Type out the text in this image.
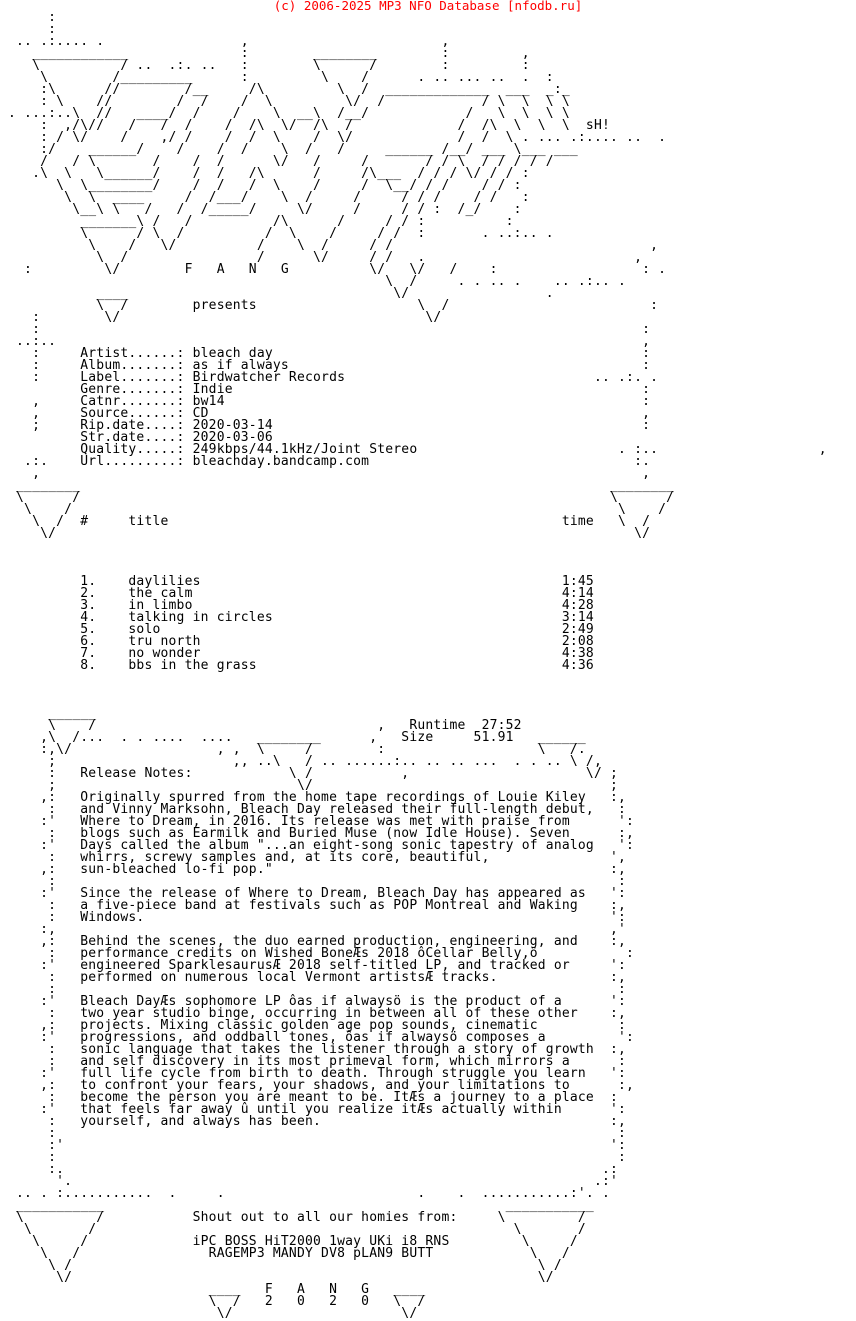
(c) 2006-2025 MP3 NFO Database [nfodb.ru]
:
:
.. .:.... .                 ,                        ,
____________              :        ________        :         ,
\          / ..  .:. ..   :        \      /        :         :
\        /_________      :         \    /      . .. ... ..  .  :
:\      //        /__     /\         \  /  _____________  ___  _:_
: \    //        /  /    /  \         \/  /            / \  \  \ \
. ...:..\  //   ____/  /    /    \  __\  /__/            /   \  \  \ \
:  ,/\//   /   /  /    /  /\  \/  /\  /             /  /\  \  \  \  sH!
: / \/    /    ,/ /    /  /  \    /  \/             /  /  \ . ... .:.... ..  .
:/    ______/    /    /  /    \  /   /     ______ /__/ ___ \___ ___
/   / \       /    /  /      \/   /     /       / / \  / / / / /
.\  \   \______/    /  /   /\      /     /\___  / / / \/ / / :
\  \________/    /  /   /  \    /     /  \__/ / /    / / :
\  \  ____     /  /___/    \  /     /     / / /    / /   :
\__\ \   /   /  /_____/     \/     /     / / :  /_/    :
_______\ /   /          /\      /     / / :          :
\      / \  /          /  \    /     / /  :       . ..:.. .
\    /   \/          /    \  /     / /                                ,
\  /                /      \/     / /   .                          ,
:         \/        F   A   N   G          \/   \/   /    :                  : .
\  /     . . .. .    .. .:.. .
____                                 \/                 .
\  /        presents                    \  /                         :
:        \/                                      \/
:                                                                           :
..:..                                                                         ,
:     Artist......: bleach day                                              :
:     Album.......: as if always                                            :
:     Label.......: Birdwatcher Records                               .. .:. .
Genre.......: Indie                                                   :
,     Catnr.......: bw14                                                    :
,     Source......: CD                                                      ,
;     Rip.date....: 2020-03-14                                              :
Str.date....: 2020-03-06
Quality.....: 249kbps/44.1kHz/Joint Stereo                         . :..                    ,
.:.    Url.........: bleachday.bandcamp.com                                 :.
,                                                                           ,
________                                                                  ________
\      /                                                                  \      /
\    /                                                                    \    /
\  /  #     title                                                 time   \  /
\/                                                                        \/

1.    daylilies                                             1:45
2.    the calm                                              4:14
3.    in limbo                                              4:28
4.    talking in circles                                    3:14
5.    solo                                                  2:49
6.    tru north                                             2:08
7.    no wonder                                             4:38
8.    bbs in the grass                                      4:36

______
\    /                                   ,   Runtime  27:52
,\  /...  . . ....  ....   ________      ,   Size     51.91   ______
:,\/                  , ,  \     /        :                   \   /.
;                      ,, ..\   / .. ......:.. .. .. ...  . . .. \ /,
:   Release Notes:            \ /           ,                      \/ ;
;                              \/                                     ;
,:   Originally spurred from the home tape recordings of Louie Kiley   :,
:   and Vinny Marksohn, Bleach Day released their full-length debut,   :
:'   Where to Dream, in 2016. Its release was met with praise from      ':
:   blogs such as Earmilk and Buried Muse (now Idle House). Seven      :,
:'   Days called the album "...an eight-song sonic tapestry of analog   ':
:   whirrs, screwy samples and, at its core, beautiful,               ',
,:   sun-bleached lo-fi pop."                                          :,
:                                                                      :
:'   Since the release of Where to Dream, Bleach Day has appeared as   ':
:   a five-piece band at festivals such as POP Montreal and Waking    :,
:   Windows.                                                          ':
:,                                                                     ,'
,:   Behind the scenes, the duo earned production, engineering, and    :,
:   performance credits on Wished BoneÆs 2018 ôCellar Belly,ö           :
:'   engineered SparklesaurusÆ 2018 self-titled LP, and tracked or     ':
:   performed on numerous local Vermont artistsÆ tracks.              :,
:                                                                      :
:'   Bleach DayÆs sophomore LP ôas if alwaysö is the product of a      ':
:   two year studio binge, occurring in between all of these other    :,
,:   projects. Mixing classic golden age pop sounds, cinematic          :
:'   progressions, and oddball tones, ôas if alwaysö composes a         ':
:   sonic language that takes the listener through a story of growth  :,
:   and self discovery in its most primeval form, which mirrors a      :
:'   full life cycle from birth to death. Through struggle you learn   ':
,:   to confront your fears, your shadows, and your limitations to      :,
:   become the person you are meant to be. ItÆs a journey to a place  :
:'   that feels far away û until you realize itÆs actually within      ':
:   yourself, and always has been.                                    :,
:                                                                      :
:'                                                                    ':
:                                                                      :
:.                                                                   .:
'.                                                                 .:'
.. . :...........  .     .                        .    .  ...........:'. .
___________                                                  ___________
\         /           Shout out to all our homies from:     \         /
\       /                                                    \       /
\     /             iPC BOSS HiT2000 1way UKi i8 RNS         \     /
\   /                RAGEMP3 MANDY DV8 pLAN9 BUTT            \   /
\ /                                                          \ /
\/                                                          \/
____   F   A   N   G   ____
\  /   2   0   2   0   \  /
\/                     \/
